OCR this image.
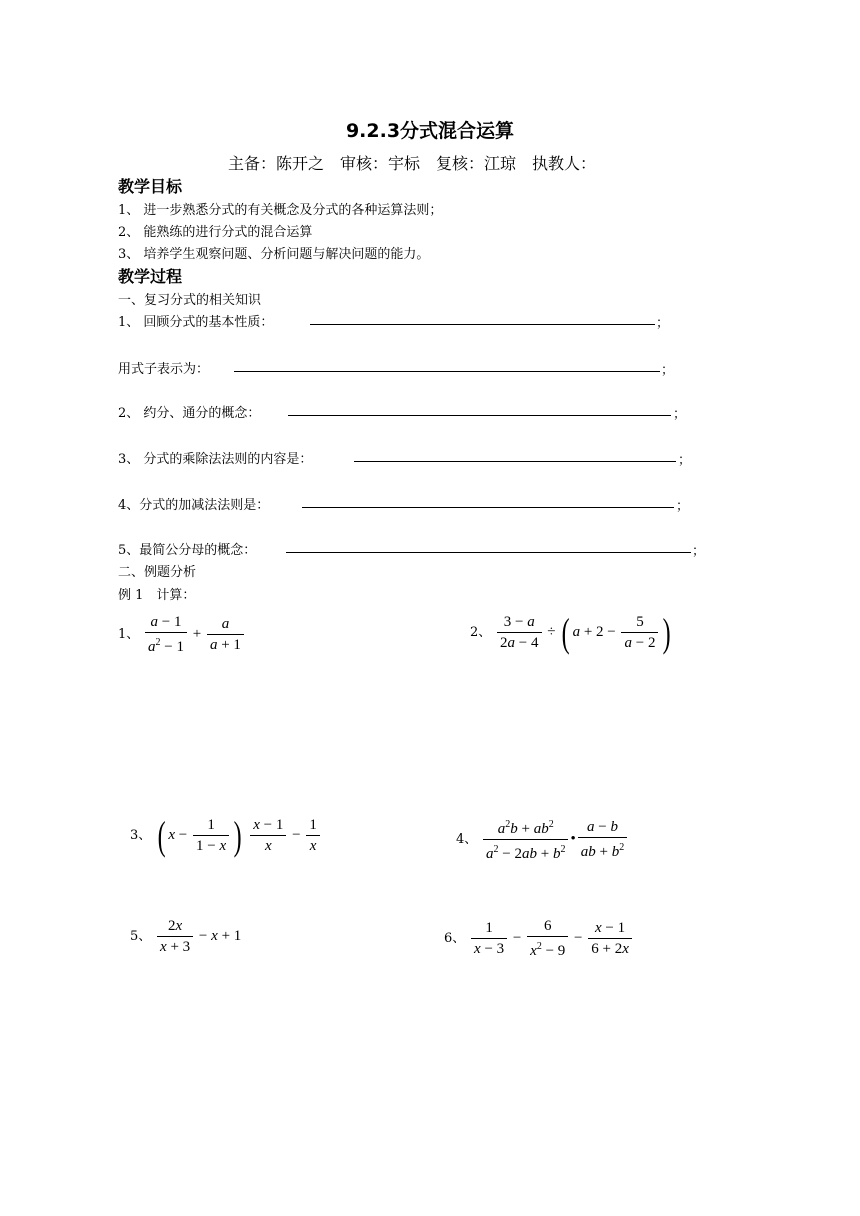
9.2.3分式混合运算
主备：陈开之　审核：宇标　复核：江琼　执教人：
教学目标
1、 进一步熟悉分式的有关概念及分式的各种运算法则；
2、 能熟练的进行分式的混合运算
3、 培养学生观察问题、分析问题与解决问题的能力。
教学过程
一、复习分式的相关知识
1、 回顾分式的基本性质：	；
用式子表示为：	；
2、 约分、通分的概念：	；
3、 分式的乘除法法则的内容是：	；
4、分式的加减法法则是：	；
5、最简公分母的概念：	；
二、例题分析
例 1　计算：
1、 $\frac{a - 1}{a^2 - 1} + \frac{a}{a + 1}$	2、 $\frac{3 - a}{2a - 4}$ ÷ ( $a + 2 - \frac{5}{a - 2}$ )
3、 ( $x - \frac{1}{1 - x}$ ) $\frac{x - 1}{x} - \frac{1}{x}$	4、 $\frac{a^2b + ab^2}{a^2 - 2ab + b^2}$ • $\frac{a - b}{ab + b^2}$
5、 $\frac{2x}{x + 3} - x + 1$	6、 $\frac{1}{x - 3} - \frac{6}{x^2 - 9} - \frac{x - 1}{6 + 2x}$
